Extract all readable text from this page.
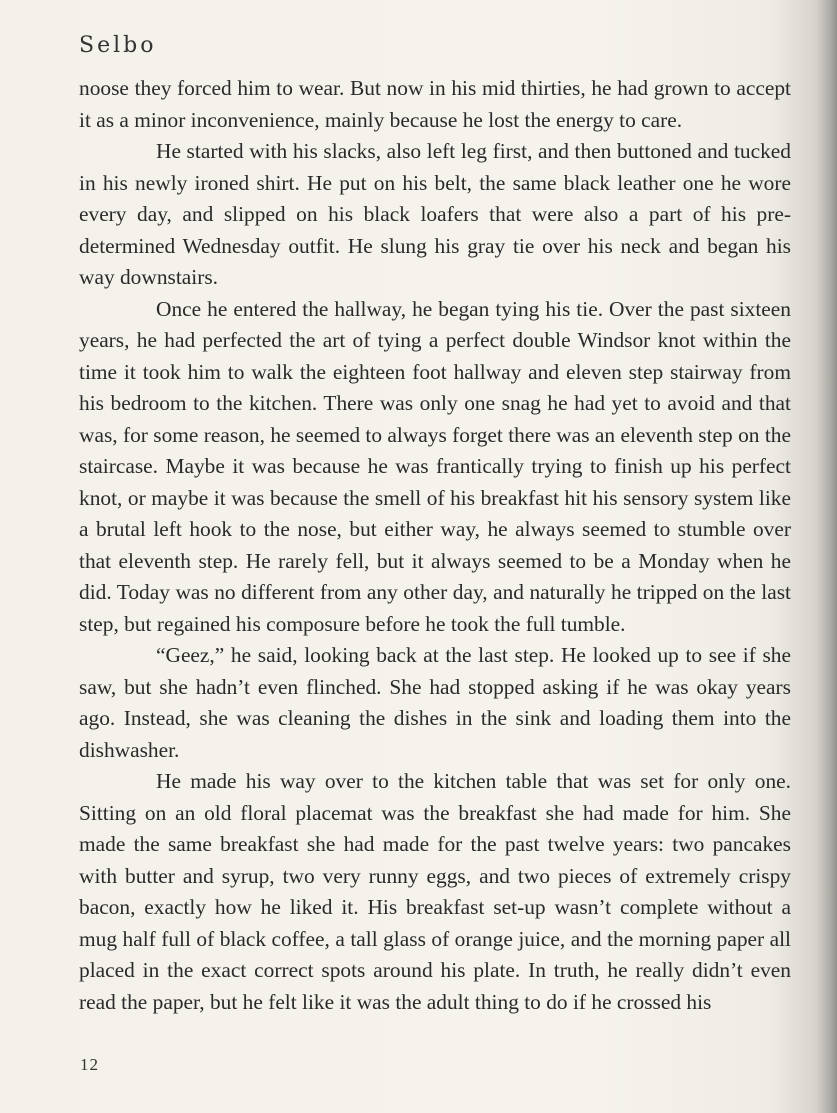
Selbo

noose they forced him to wear. But now in his mid thirties, he had grown to accept it as a minor inconvenience, mainly because he lost the energy to care.

He started with his slacks, also left leg first, and then buttoned and tucked in his newly ironed shirt. He put on his belt, the same black leather one he wore every day, and slipped on his black loafers that were also a part of his pre-determined Wednesday outfit. He slung his gray tie over his neck and began his way downstairs.

Once he entered the hallway, he began tying his tie. Over the past sixteen years, he had perfected the art of tying a perfect double Windsor knot within the time it took him to walk the eighteen foot hallway and eleven step stairway from his bedroom to the kitchen. There was only one snag he had yet to avoid and that was, for some reason, he seemed to always forget there was an eleventh step on the staircase. Maybe it was because he was frantically trying to finish up his perfect knot, or maybe it was because the smell of his breakfast hit his sensory system like a brutal left hook to the nose, but either way, he always seemed to stumble over that eleventh step. He rarely fell, but it always seemed to be a Monday when he did. Today was no different from any other day, and naturally he tripped on the last step, but regained his composure before he took the full tumble.

“Geez,” he said, looking back at the last step. He looked up to see if she saw, but she hadn’t even flinched. She had stopped asking if he was okay years ago. Instead, she was cleaning the dishes in the sink and loading them into the dishwasher.

He made his way over to the kitchen table that was set for only one. Sitting on an old floral placemat was the breakfast she had made for him. She made the same breakfast she had made for the past twelve years: two pancakes with butter and syrup, two very runny eggs, and two pieces of extremely crispy bacon, exactly how he liked it. His breakfast set-up wasn’t complete without a mug half full of black coffee, a tall glass of orange juice, and the morning paper all placed in the exact correct spots around his plate. In truth, he really didn’t even read the paper, but he felt like it was the adult thing to do if he crossed his

12
